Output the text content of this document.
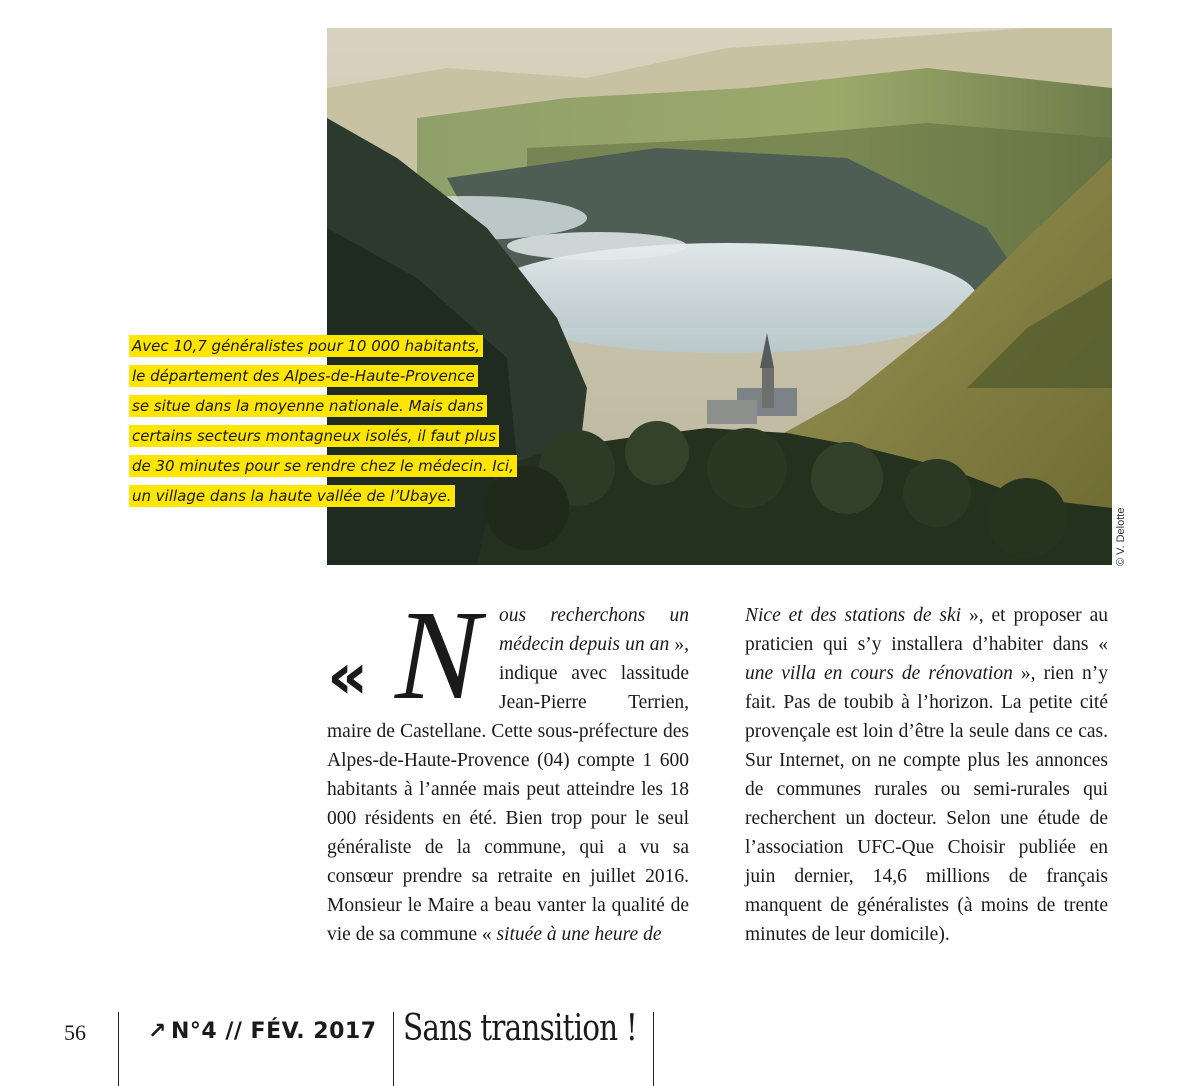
© V. Delotte

Avec 10,7 généralistes pour 10 000 habitants,
le département des Alpes-de-Haute-Provence
se situe dans la moyenne nationale. Mais dans
certains secteurs montagneux isolés, il faut plus
de 30 minutes pour se rendre chez le médecin. Ici,
un village dans la haute vallée de l’Ubaye.

« N ous recherchons un médecin depuis un an », indique avec lassitude Jean-Pierre Terrien, maire de Castellane. Cette sous-préfecture des Alpes-de-Haute-Provence (04) compte 1 600 habitants à l’année mais peut atteindre les 18 000 résidents en été. Bien trop pour le seul généraliste de la commune, qui a vu sa consœur prendre sa retraite en juillet 2016. Monsieur le Maire a beau vanter la qualité de vie de sa commune « située à une heure de

Nice et des stations de ski », et proposer au praticien qui s’y installera d’habiter dans « une villa en cours de rénovation », rien n’y fait. Pas de toubib à l’horizon. La petite cité provençale est loin d’être la seule dans ce cas. Sur Internet, on ne compte plus les annonces de communes rurales ou semi-rurales qui recherchent un docteur. Selon une étude de l’association UFC-Que Choisir publiée en juin dernier, 14,6 millions de français manquent de généralistes (à moins de trente minutes de leur domicile).

56	↗ N°4 // FÉV. 2017 Sans transition !
